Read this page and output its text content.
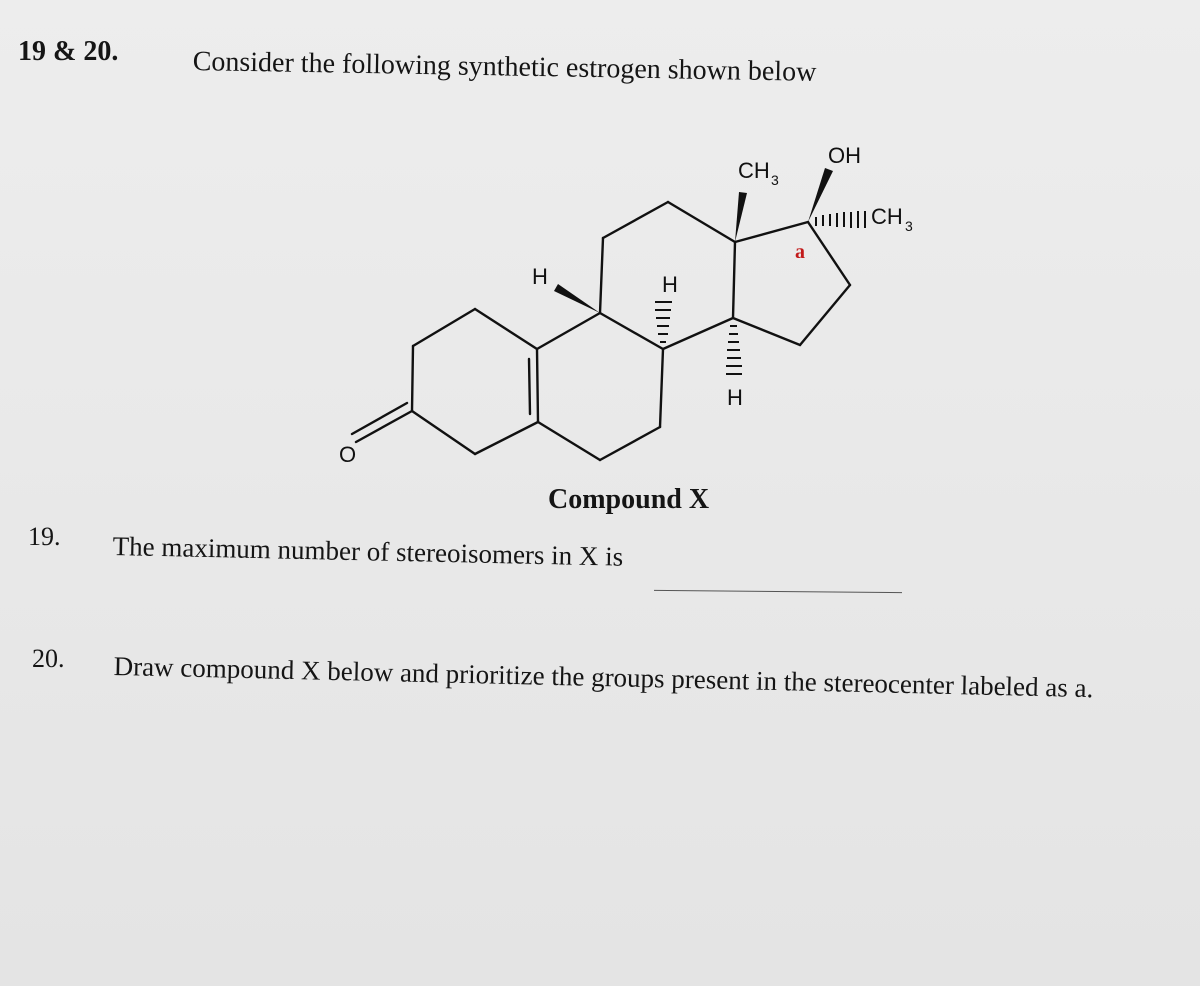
19 & 20.	Consider the following synthetic estrogen shown below
O
H	H
H
CH 3
OH
CH 3
a
Compound X
19. The maximum number of stereoisomers in X is
20. Draw compound X below and prioritize the groups present in the stereocenter labeled as a.
